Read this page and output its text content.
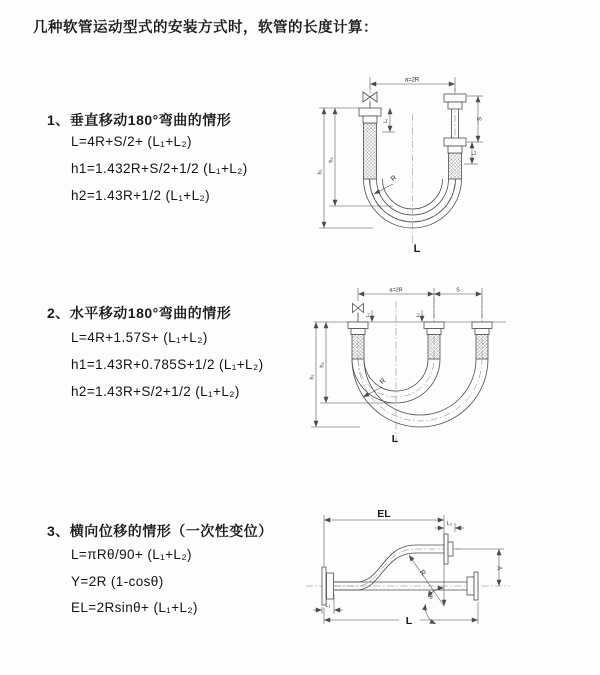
几种软管运动型式的安装方式时，软管的长度计算：
1、垂直移动180°弯曲的情形
L=4R+S/2+ (L₁+L₂)
h1=1.432R+S/2+1/2 (L₁+L₂)
h2=1.43R+1/2 (L₁+L₂)
a=2R
h₁
h₂
L₁	S
L₂
R
L
2、水平移动180°弯曲的情形
L=4R+1.57S+ (L₁+L₂)
h1=1.43R+0.785S+1/2 (L₁+L₂)
h2=1.43R+S/2+1/2 (L₁+L₂)
a=2R	S
h₁
h₂
L₁	L₂
R
L
3、横向位移的情形（一次性变位）
L=πRθ/90+ (L₁+L₂)
Y=2R (1-cosθ)
EL=2Rsinθ+ (L₁+L₂)
EL
L₂
Y
R
θ
L
L₁
